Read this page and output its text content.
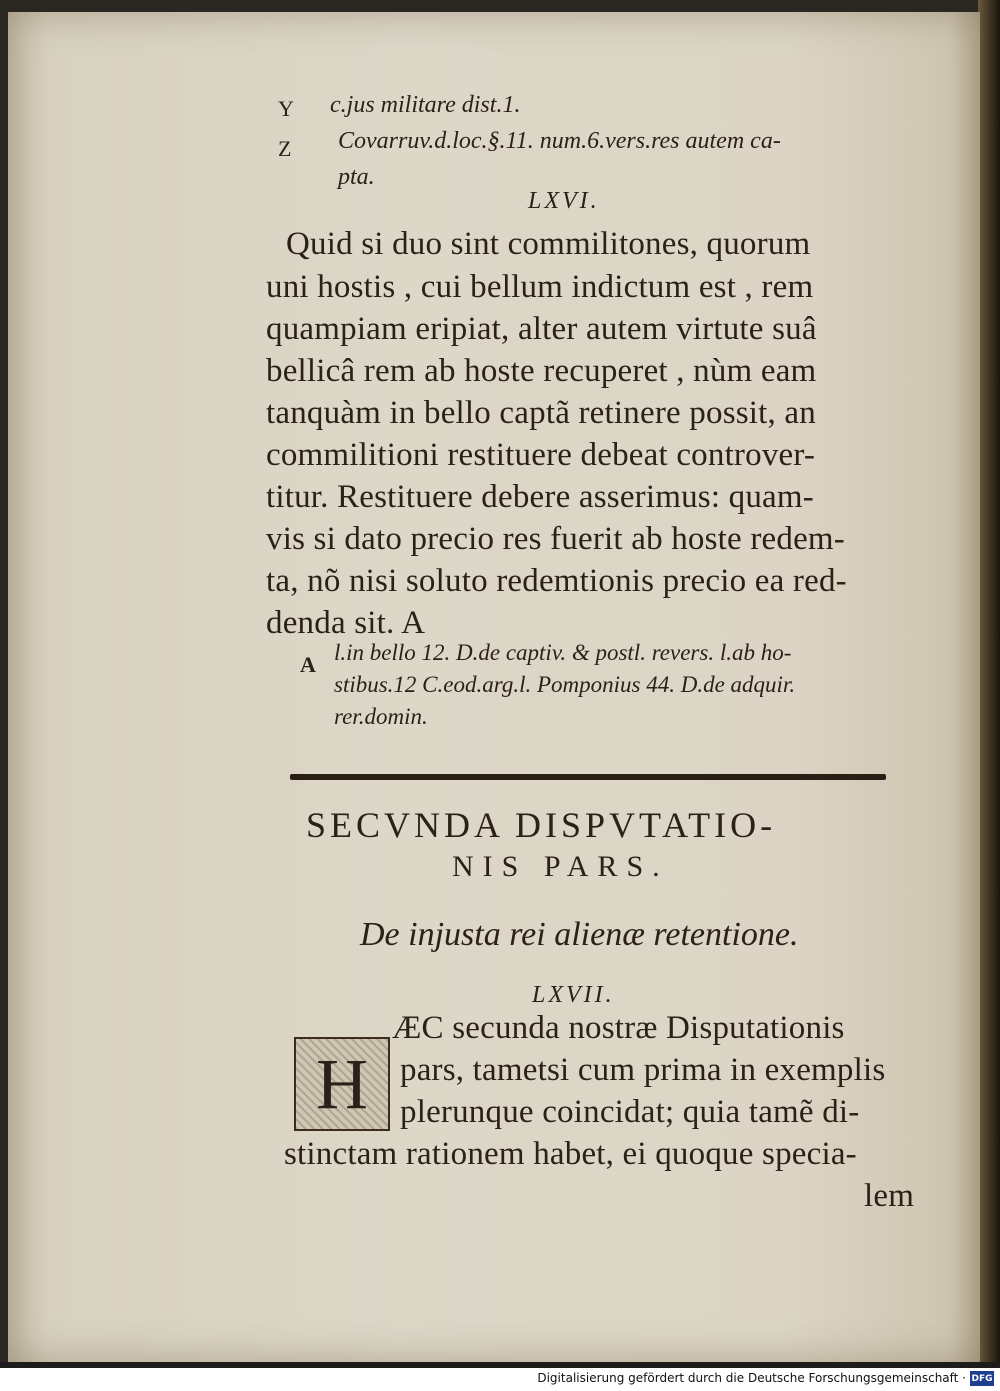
Y c.jus militare dist.1.
Z Covarruv.d.loc.§.11. num.6.vers.res autem ca-
pta.
LXVI.
Quid si duo sint commilitones, quorum
uni hostis , cui bellum indictum est , rem
quampiam eripiat, alter autem virtute suâ
bellicâ rem ab hoste recuperet , nùm eam
tanquàm in bello captã retinere possit, an
commilitioni restituere debeat controver-
titur. Restituere debere asserimus: quam-
vis si dato precio res fuerit ab hoste redem-
ta, nõ nisi soluto redemtionis precio ea red-
denda sit. A
A l.in bello 12. D.de captiv. & postl. revers. l.ab ho-
stibus.12 C.eod.arg.l. Pomponius 44. D.de adquir.
rer.domin.
SECVNDA DISPVTATIO-
NIS PARS.
De injusta rei alienæ retentione.
LXVII.
H
ÆC secunda nostræ Disputationis
pars, tametsi cum prima in exemplis
plerunque coincidat; quia tamẽ di-
stinctam rationem habet, ei quoque specia-
lem
Digitalisierung gefördert durch die Deutsche Forschungsgemeinschaft · DFG
